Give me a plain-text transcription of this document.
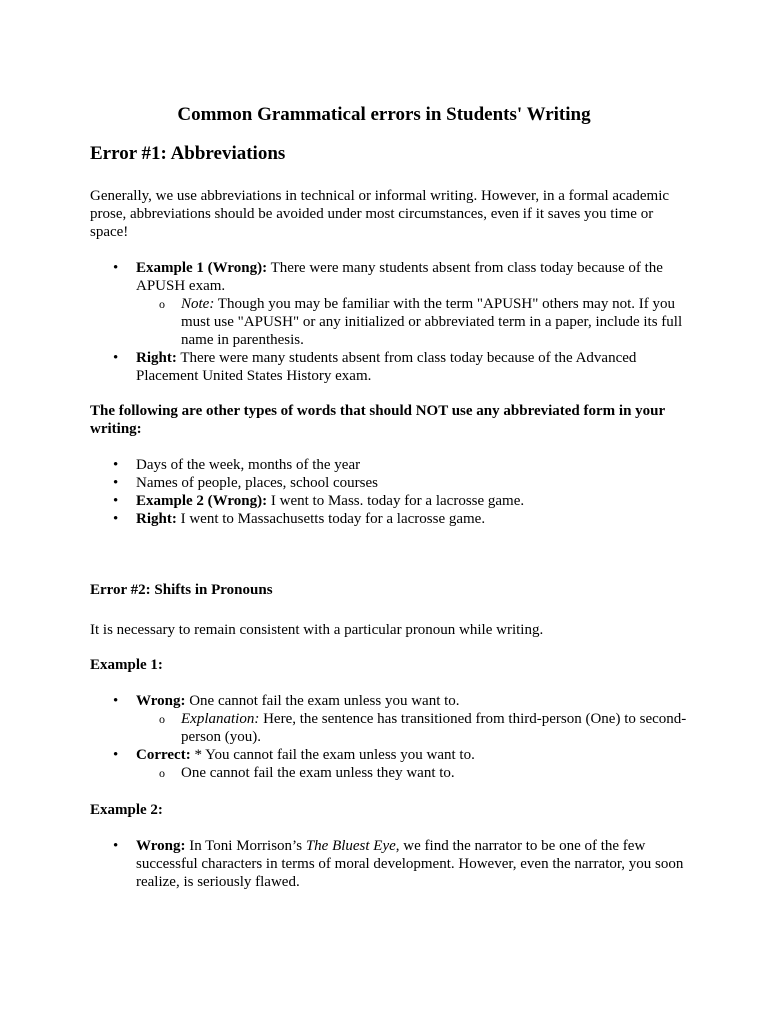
Common Grammatical errors in Students' Writing
Error #1: Abbreviations

Generally, we use abbreviations in technical or informal writing. However, in a formal academic prose, abbreviations should be avoided under most circumstances, even if it saves you time or space!

• Example 1 (Wrong): There were many students absent from class today because of the APUSH exam.
o Note: Though you may be familiar with the term "APUSH" others may not. If you must use "APUSH" or any initialized or abbreviated term in a paper, include its full name in parenthesis.
• Right: There were many students absent from class today because of the Advanced Placement United States History exam.

The following are other types of words that should NOT use any abbreviated form in your writing:

• Days of the week, months of the year
• Names of people, places, school courses
• Example 2 (Wrong): I went to Mass. today for a lacrosse game.
• Right: I went to Massachusetts today for a lacrosse game.
Error #2: Shifts in Pronouns

It is necessary to remain consistent with a particular pronoun while writing.

Example 1:
• Wrong: One cannot fail the exam unless you want to.
o Explanation: Here, the sentence has transitioned from third-person (One) to second-person (you).
• Correct: * You cannot fail the exam unless you want to.
o One cannot fail the exam unless they want to.
Example 2:
• Wrong: In Toni Morrison’s The Bluest Eye, we find the narrator to be one of the few successful characters in terms of moral development. However, even the narrator, you soon realize, is seriously flawed.
